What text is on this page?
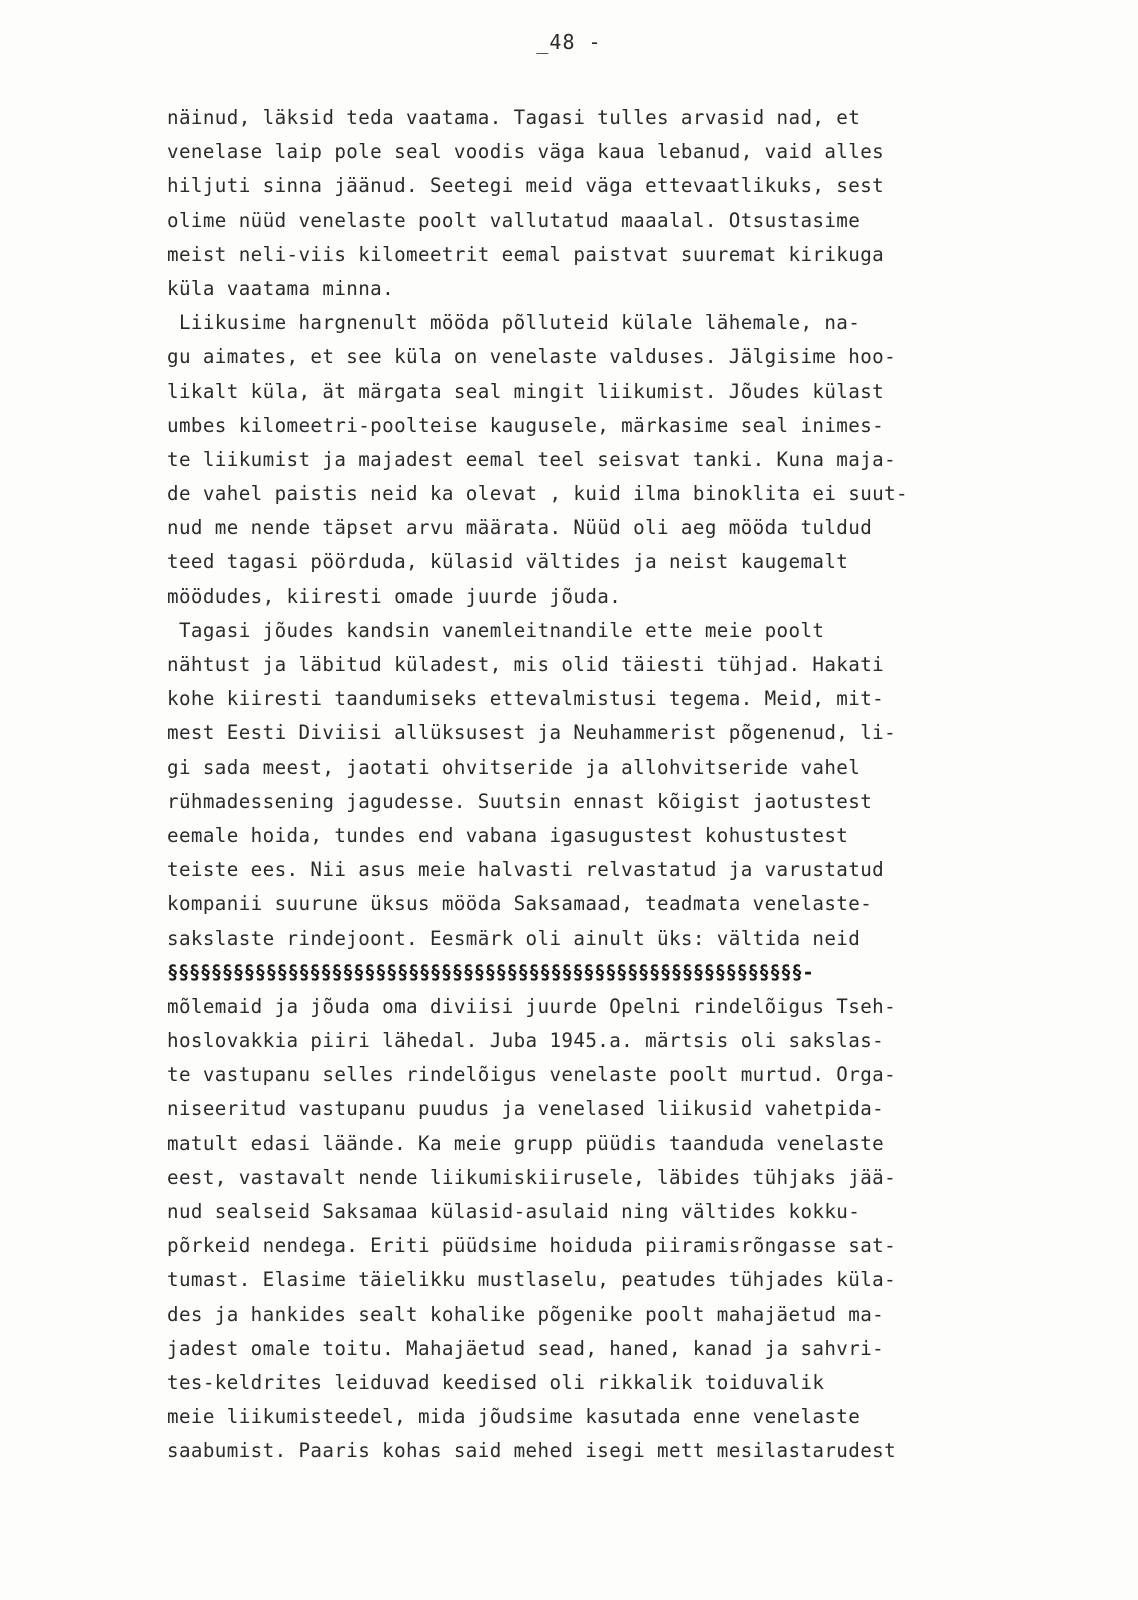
_48 -
näinud, läksid teda vaatama. Tagasi tulles arvasid nad, et
venelase laip pole seal voodis väga kaua lebanud, vaid alles
hiljuti sinna jäänud. Seetegi meid väga ettevaatlikuks, sest
olime nüüd venelaste poolt vallutatud maaalal. Otsustasime
meist neli-viis kilomeetrit eemal paistvat suuremat kirikuga
küla vaatama minna.
Liikusime hargnenult mööda põlluteid külale lähemale, na-
gu aimates, et see küla on venelaste valduses. Jälgisime hoo-
likalt küla, ät märgata seal mingit liikumist. Jõudes külast
umbes kilomeetri-poolteise kaugusele, märkasime seal inimes-
te liikumist ja majadest eemal teel seisvat tanki. Kuna maja-
de vahel paistis neid ka olevat , kuid ilma binoklita ei suut-
nud me nende täpset arvu määrata. Nüüd oli aeg mööda tuldud
teed tagasi pöörduda, külasid vältides ja neist kaugemalt
möödudes, kiiresti omade juurde jõuda.
Tagasi jõudes kandsin vanemleitnandile ette meie poolt
nähtust ja läbitud küladest, mis olid täiesti tühjad. Hakati
kohe kiiresti taandumiseks ettevalmistusi tegema. Meid, mit-
mest Eesti Diviisi allüksusest ja Neuhammerist põgenenud, li-
gi sada meest, jaotati ohvitseride ja allohvitseride vahel
rühmadessening jagudesse. Suutsin ennast kõigist jaotustest
eemale hoida, tundes end vabana igasugustest kohustustest
teiste ees. Nii asus meie halvasti relvastatud ja varustatud
kompanii suurune üksus mööda Saksamaad, teadmata venelaste-
sakslaste rindejoont. Eesmärk oli ainult üks: vältida neid
§§§§§§§§§§§§§§§§§§§§§§§§§§§§§§§§§§§§§§§§§§§§§§§§§§§§§§§§§§-
mõlemaid ja jõuda oma diviisi juurde Opelni rindelõigus Tseh-
hoslovakkia piiri lähedal. Juba 1945.a. märtsis oli sakslas-
te vastupanu selles rindelõigus venelaste poolt murtud. Orga-
niseeritud vastupanu puudus ja venelased liikusid vahetpida-
matult edasi läände. Ka meie grupp püüdis taanduda venelaste
eest, vastavalt nende liikumiskiirusele, läbides tühjaks jää-
nud sealseid Saksamaa külasid-asulaid ning vältides kokku-
põrkeid nendega. Eriti püüdsime hoiduda piiramisrõngasse sat-
tumast. Elasime täielikku mustlaselu, peatudes tühjades küla-
des ja hankides sealt kohalike põgenike poolt mahajäetud ma-
jadest omale toitu. Mahajäetud sead, haned, kanad ja sahvri-
tes-keldrites leiduvad keedised oli rikkalik toiduvalik
meie liikumisteedel, mida jõudsime kasutada enne venelaste
saabumist. Paaris kohas said mehed isegi mett mesilastarudest
